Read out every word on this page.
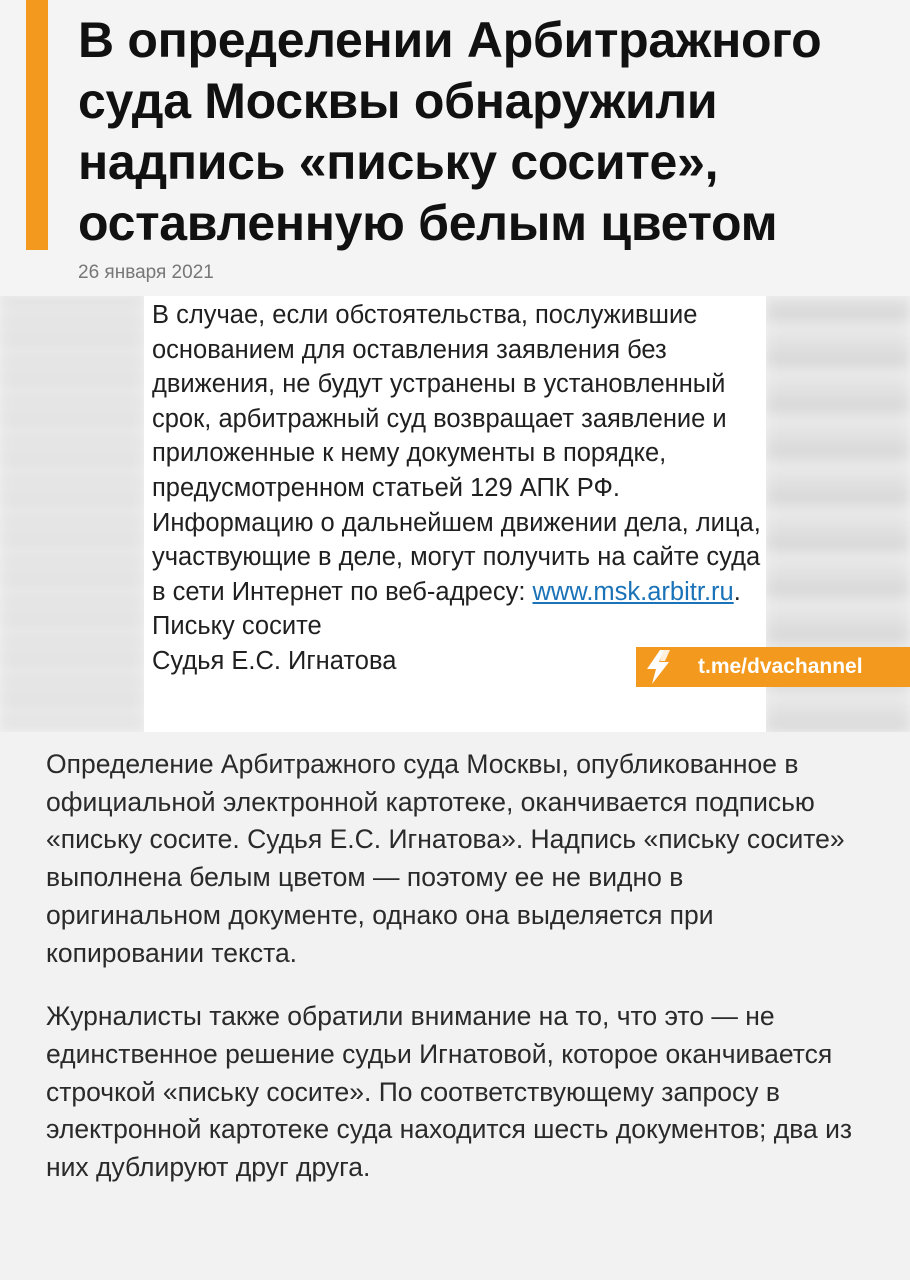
В определении Арбитражного суда Москвы обнаружили надпись «письку сосите», оставленную белым цветом
26 января 2021

В случае, если обстоятельства, послужившие основанием для оставления заявления без движения, не будут устранены в установленный срок, арбитражный суд возвращает заявление и приложенные к нему документы в порядке, предусмотренном статьей 129 АПК РФ. Информацию о дальнейшем движении дела, лица, участвующие в деле, могут получить на сайте суда в сети Интернет по веб-адресу: www.msk.arbitr.ru.
Письку сосите
Судья Е.С. Игнатова	t.me/dvachannel

Определение Арбитражного суда Москвы, опубликованное в официальной электронной картотеке, оканчивается подписью «письку сосите. Судья Е.С. Игнатова». Надпись «письку сосите» выполнена белым цветом — поэтому ее не видно в оригинальном документе, однако она выделяется при копировании текста.

Журналисты также обратили внимание на то, что это — не единственное решение судьи Игнатовой, которое оканчивается строчкой «письку сосите». По соответствующему запросу в электронной картотеке суда находится шесть документов; два из них дублируют друг друга.
